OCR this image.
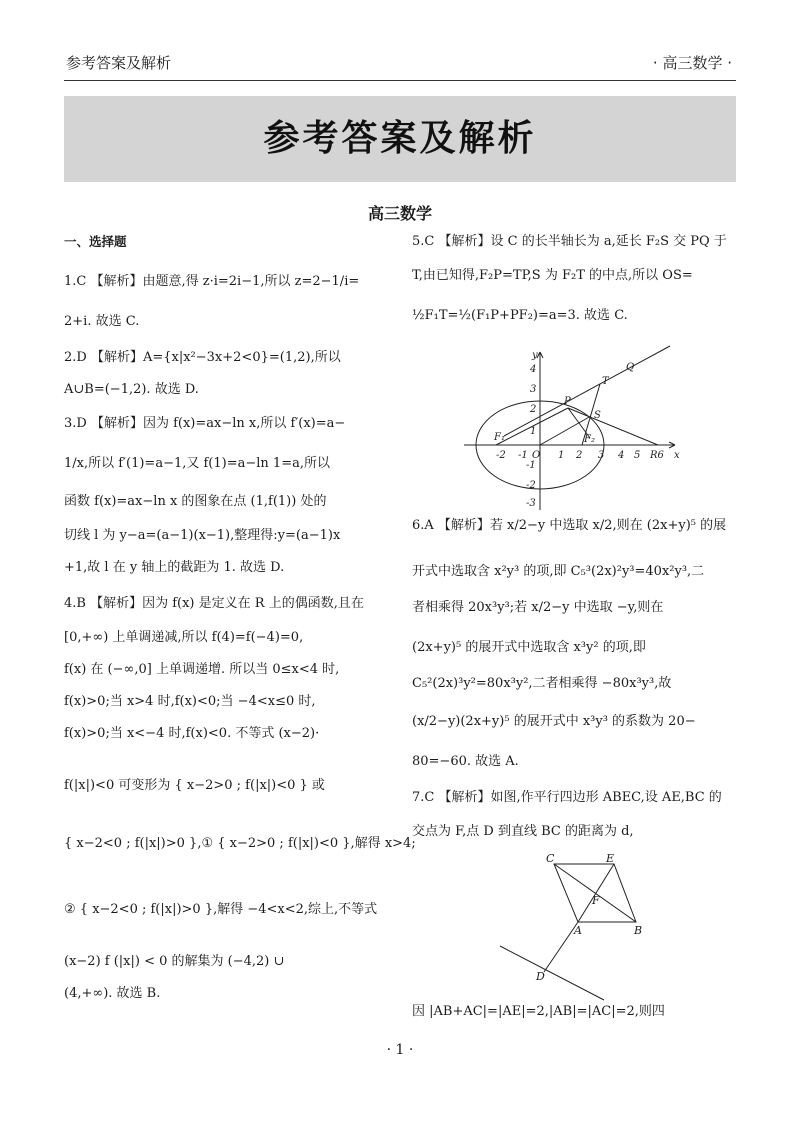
参考答案及解析	· 高三数学 ·
参考答案及解析
高三数学
一、选择题
1.C 【解析】由题意,得 z·i=2i−1,所以 z=2−1/i=
2+i. 故选 C.
2.D 【解析】A={x|x²−3x+2<0}=(1,2),所以
A∪B=(−1,2). 故选 D.
3.D 【解析】因为 f(x)=ax−ln x,所以 f′(x)=a−
1/x,所以 f′(1)=a−1,又 f(1)=a−ln 1=a,所以
函数 f(x)=ax−ln x 的图象在点 (1,f(1)) 处的
切线 l 为 y−a=(a−1)(x−1),整理得:y=(a−1)x
+1,故 l 在 y 轴上的截距为 1. 故选 D.
4.B 【解析】因为 f(x) 是定义在 R 上的偶函数,且在
[0,+∞) 上单调递减,所以 f(4)=f(−4)=0,
f(x) 在 (−∞,0] 上单调递增. 所以当 0≤x<4 时,
f(x)>0;当 x>4 时,f(x)<0;当 −4<x≤0 时,
f(x)>0;当 x<−4 时,f(x)<0. 不等式 (x−2)·
f(|x|)<0 可变形为 { x−2>0 ; f(|x|)<0 } 或
{ x−2<0 ; f(|x|)>0 },① { x−2>0 ; f(|x|)<0 },解得 x>4;
② { x−2<0 ; f(|x|)>0 },解得 −4<x<2,综上,不等式
(x−2) f (|x|) < 0 的解集为 (−4,2) ∪
(4,+∞). 故选 B.
5.C 【解析】设 C 的长半轴长为 a,延长 F₂S 交 PQ 于
T,由已知得,F₂P=TP,S 为 F₂T 的中点,所以 OS=
½F₁T=½(F₁P+PF₂)=a=3. 故选 C.
6.A 【解析】若 x/2−y 中选取 x/2,则在 (2x+y)⁵ 的展
开式中选取含 x²y³ 的项,即 C₅³(2x)²y³=40x²y³,二
者相乘得 20x³y³;若 x/2−y 中选取 −y,则在
(2x+y)⁵ 的展开式中选取含 x³y² 的项,即
C₅²(2x)³y²=80x³y²,二者相乘得 −80x³y³,故
(x/2−y)(2x+y)⁵ 的展开式中 x³y³ 的系数为 20−
80=−60. 故选 A.
7.C 【解析】如图,作平行四边形 ABEC,设 AE,BC 的
交点为 F,点 D 到直线 BC 的距离为 d,
因 |AB+AC|=|AE|=2,|AB|=|AC|=2,则四
-2 -1 O 1 2 3 4 5 R6 x
y
4
3
2
1
-1
-2
-3
P
Q
T
S
F₁	F₂
C	E
F
A	B
D
· 1 ·
